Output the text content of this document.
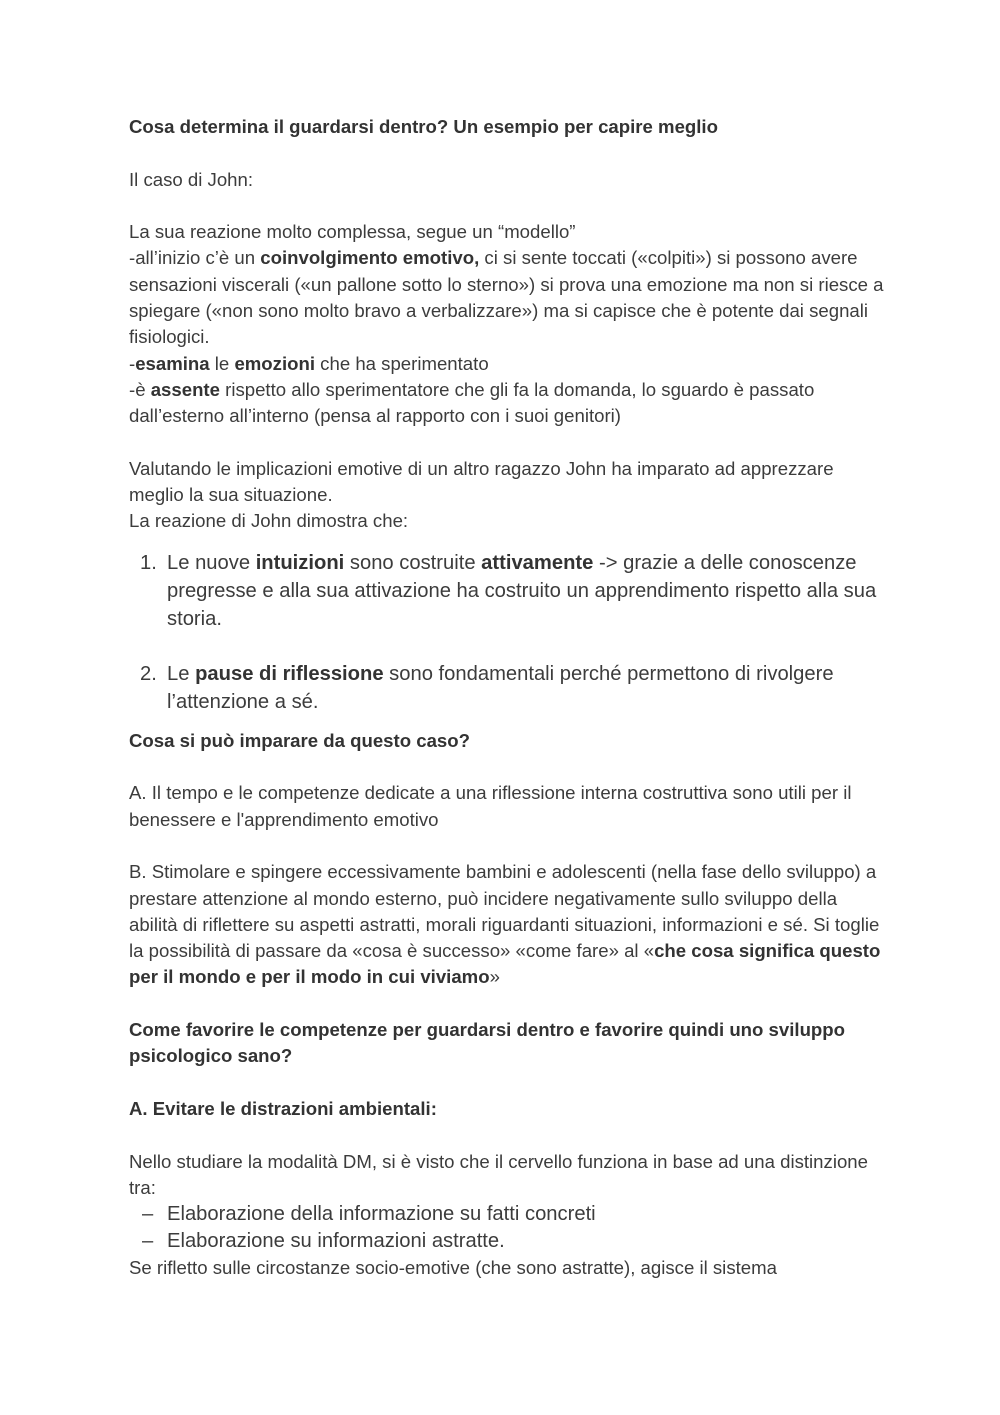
Cosa determina il guardarsi dentro? Un esempio per capire meglio

Il caso di John:

La sua reazione molto complessa, segue un “modello”
-all’inizio c’è un coinvolgimento emotivo, ci si sente toccati («colpiti») si possono avere sensazioni viscerali («un pallone sotto lo sterno») si prova una emozione ma non si riesce a spiegare («non sono molto bravo a verbalizzare») ma si capisce che è potente dai segnali fisiologici.
-esamina le emozioni che ha sperimentato
-è assente rispetto allo sperimentatore che gli fa la domanda, lo sguardo è passato dall’esterno all’interno (pensa al rapporto con i suoi genitori)

Valutando le implicazioni emotive di un altro ragazzo John ha imparato ad apprezzare meglio la sua situazione.
La reazione di John dimostra che:

1. Le nuove intuizioni sono costruite attivamente -> grazie a delle conoscenze pregresse e alla sua attivazione ha costruito un apprendimento rispetto alla sua storia.
2. Le pause di riflessione sono fondamentali perché permettono di rivolgere l’attenzione a sé.

Cosa si può imparare da questo caso?

A. Il tempo e le competenze dedicate a una riflessione interna costruttiva sono utili per il benessere e l'apprendimento emotivo

B. Stimolare e spingere eccessivamente bambini e adolescenti (nella fase dello sviluppo) a prestare attenzione al mondo esterno, può incidere negativamente sullo sviluppo della abilità di riflettere su aspetti astratti, morali riguardanti situazioni, informazioni e sé. Si toglie la possibilità di passare da «cosa è successo» «come fare» al «che cosa significa questo per il mondo e per il modo in cui viviamo»

Come favorire le competenze per guardarsi dentro e favorire quindi uno sviluppo psicologico sano?

A. Evitare le distrazioni ambientali:

Nello studiare la modalità DM, si è visto che il cervello funziona in base ad una distinzione tra:

– Elaborazione della informazione su fatti concreti
– Elaborazione su informazioni astratte.

Se rifletto sulle circostanze socio-emotive (che sono astratte), agisce il sistema
